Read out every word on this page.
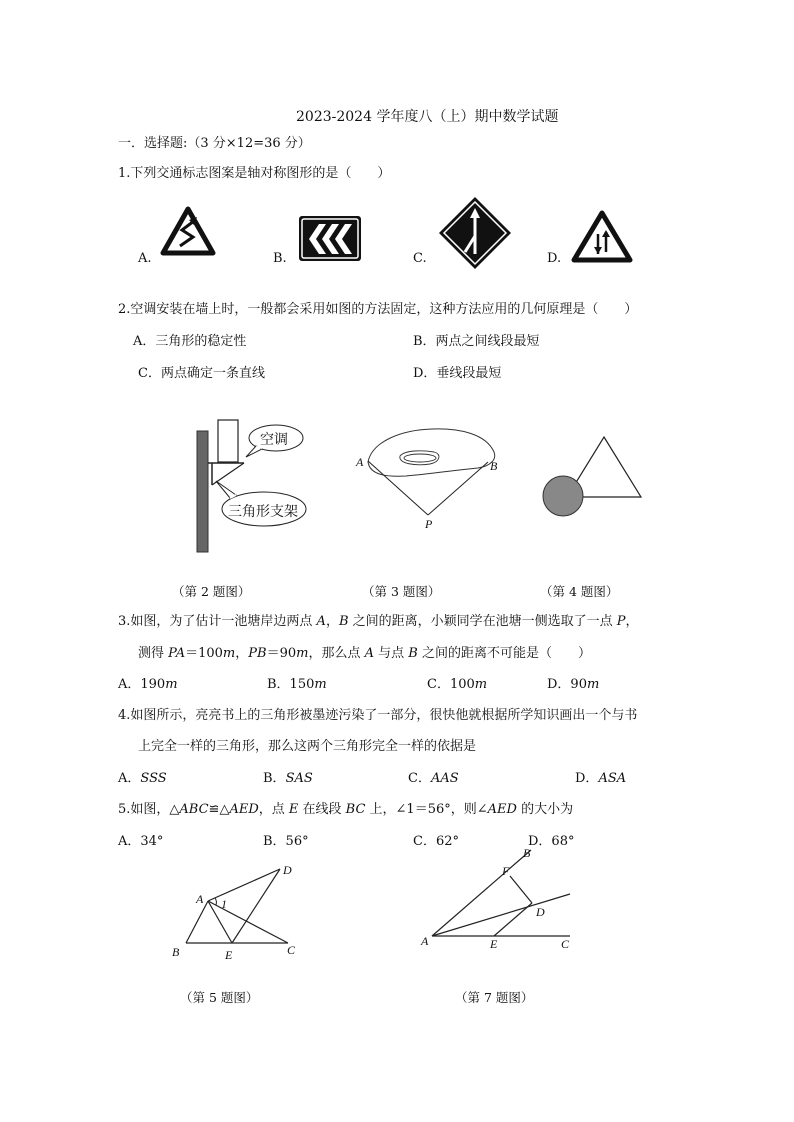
2023-2024 学年度八（上）期中数学试题
一．选择题:（3 分×12=36 分）
1.下列交通标志图案是轴对称图形的是（　　）
A.	B.	C.	D.
2.空调安装在墙上时，一般都会采用如图的方法固定，这种方法应用的几何原理是（　　）
A．三角形的稳定性	B．两点之间线段最短
C．两点确定一条直线	D．垂线段最短
空调
三角形支架
A	B
P
（第 2 题图）	（第 3 题图）	（第 4 题图）
3.如图，为了估计一池塘岸边两点 A，B 之间的距离，小颖同学在池塘一侧选取了一点 P，
测得 PA＝100m，PB＝90m，那么点 A 与点 B 之间的距离不可能是（　　）
A．190m	B．150m	C．100m	D．90m
4.如图所示，亮亮书上的三角形被墨迹污染了一部分，很快他就根据所学知识画出一个与书
上完全一样的三角形，那么这两个三角形完全一样的依据是
A．SSS	B．SAS	C．AAS	D．ASA
5.如图，△ABC≌△AED，点 E 在线段 BC 上，∠1＝56°，则∠AED 的大小为
A．34°	B．56°	C．62°	D．68°
A
D
1
B	E	C
B
F
D
A	E	C
（第 5 题图）	（第 7 题图）
